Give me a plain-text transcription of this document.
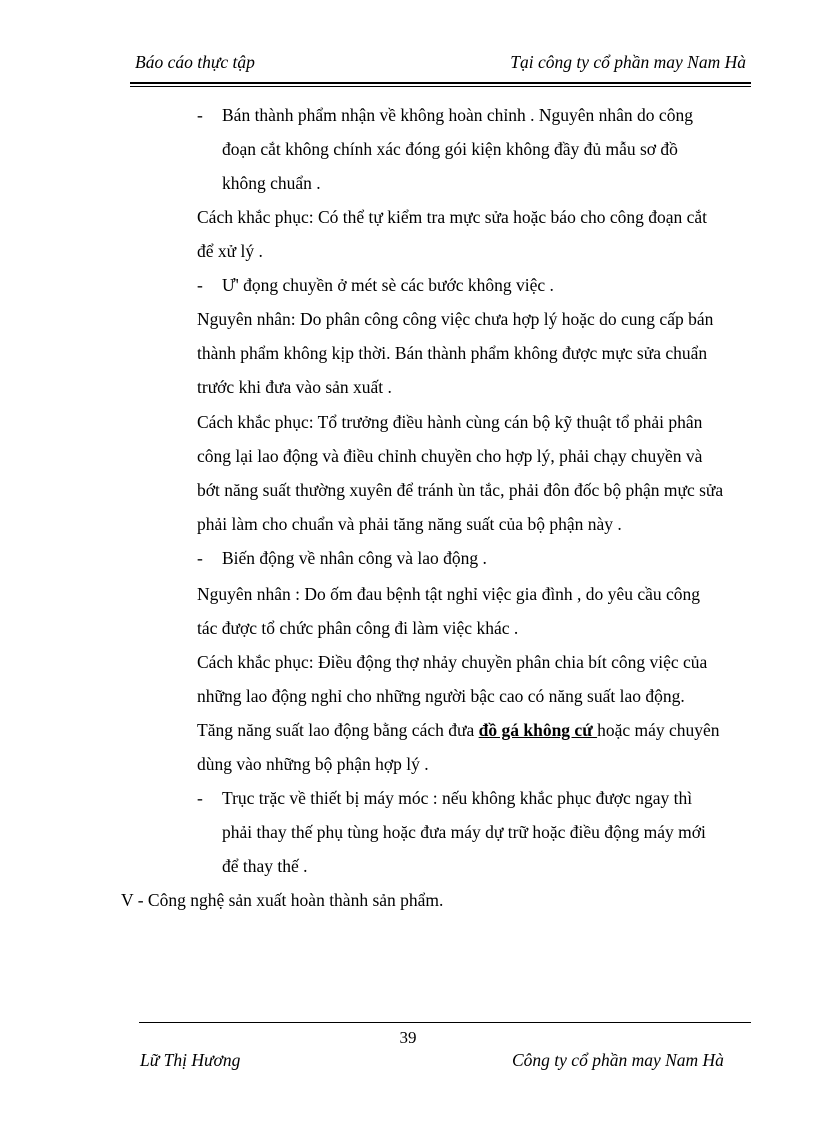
Báo cáo thực tập	Tại công ty cổ phần may Nam Hà
- Bán thành phẩm nhận về không hoàn chỉnh . Nguyên nhân do công
đoạn cắt không chính xác đóng gói kiện không đầy đủ mẫu sơ đồ
không chuẩn .
Cách khắc phục: Có thể tự kiểm tra mực sửa hoặc báo cho công đoạn cắt
để xử lý .
- Ư' đọng chuyền ở mét sè các bước không việc .
Nguyên nhân: Do phân công công việc chưa hợp lý hoặc do cung cấp bán
thành phẩm không kịp thời. Bán thành phẩm không được mực sửa chuẩn
trước khi đưa vào sản xuất .
Cách khắc phục: Tổ trưởng điều hành cùng cán bộ kỹ thuật tổ phải phân
công lại lao động và điều chỉnh chuyền cho hợp lý, phải chạy chuyền và
bớt năng suất thường xuyên để tránh ùn tắc, phải đôn đốc bộ phận mực sửa
phải làm cho chuẩn và phải tăng năng suất của bộ phận này .
- Biến động về nhân công và lao động .
Nguyên nhân : Do ốm đau bệnh tật nghỉ việc gia đình , do yêu cầu công
tác được tổ chức phân công đi làm việc khác .
Cách khắc phục: Điều động thợ nhảy chuyền phân chia bít công việc của
những lao động nghỉ cho những người bậc cao có năng suất lao động.
Tăng năng suất lao động bằng cách đưa đồ gá không cứ hoặc máy chuyên
dùng vào những bộ phận hợp lý .
- Trục trặc về thiết bị máy móc : nếu không khắc phục được ngay thì
phải thay thế phụ tùng hoặc đưa máy dự trữ hoặc điều động máy mới
để thay thế .
V - Công nghệ sản xuất hoàn thành sản phẩm.
39
Lữ Thị Hương	Công ty cổ phần may Nam Hà
